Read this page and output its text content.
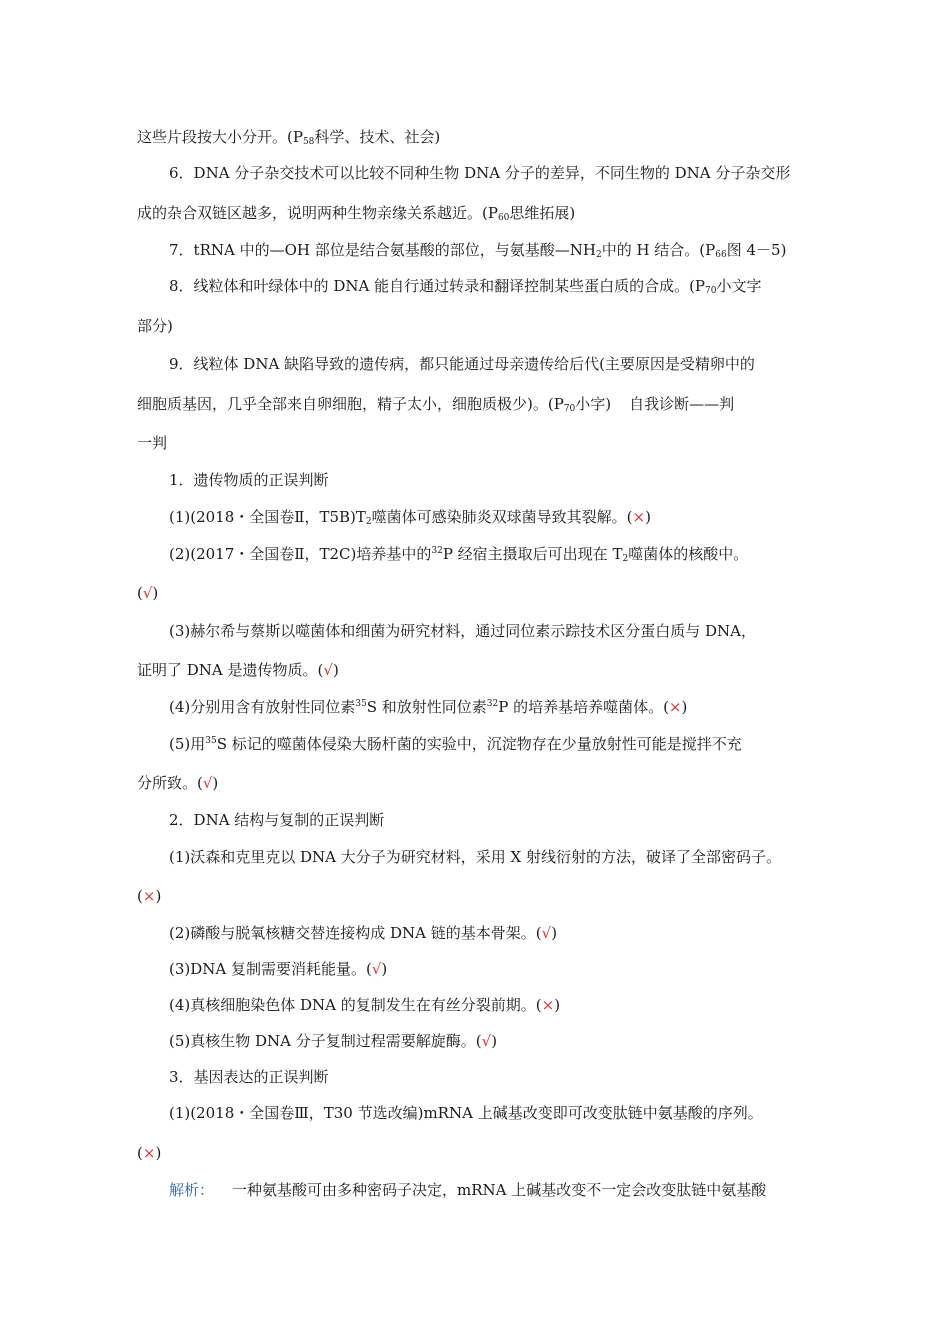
这些片段按大小分开。($P_{58}$科学、技术、社会)
6．DNA 分子杂交技术可以比较不同种生物 DNA 分子的差异，不同生物的 DNA 分子杂交形
成的杂合双链区越多，说明两种生物亲缘关系越近。($P_{60}$思维拓展)
7．tRNA 中的—OH 部位是结合氨基酸的部位，与氨基酸$—NH_2$中的 H 结合。($P_{66}$图 4－5)
8．线粒体和叶绿体中的 DNA 能自行通过转录和翻译控制某些蛋白质的合成。($P_{70}$小文字
部分)
9．线粒体 DNA 缺陷导致的遗传病，都只能通过母亲遗传给后代(主要原因是受精卵中的
细胞质基因，几乎全部来自卵细胞，精子太小，细胞质极少)。($P_{70}$小字) 自我诊断——判
一判
1．遗传物质的正误判断
(1)(2018・全国卷Ⅱ，$T5B)T_2$噬菌体可感染肺炎双球菌导致其裂解。(×)
(2)(2017・全国卷Ⅱ，T2C)培养基中的$^{32}$P 经宿主摄取后可出现在 $T_2$噬菌体的核酸中。
(√)
(3)赫尔希与蔡斯以噬菌体和细菌为研究材料，通过同位素示踪技术区分蛋白质与 DNA，
证明了 DNA 是遗传物质。(√)
(4)分别用含有放射性同位素$^{35}$S 和放射性同位素$^{32}$P 的培养基培养噬菌体。(×)
(5)用$^{35}$S 标记的噬菌体侵染大肠杆菌的实验中，沉淀物存在少量放射性可能是搅拌不充
分所致。(√)
2．DNA 结构与复制的正误判断
(1)沃森和克里克以 DNA 大分子为研究材料，采用 X 射线衍射的方法，破译了全部密码子。
(×)
(2)磷酸与脱氧核糖交替连接构成 DNA 链的基本骨架。(√)
(3)DNA 复制需要消耗能量。(√)
(4)真核细胞染色体 DNA 的复制发生在有丝分裂前期。(×)
(5)真核生物 DNA 分子复制过程需要解旋酶。(√)
3．基因表达的正误判断
(1)(2018・全国卷Ⅲ，T30 节选改编)mRNA 上碱基改变即可改变肽链中氨基酸的序列。
(×)
解析： 一种氨基酸可由多种密码子决定，mRNA 上碱基改变不一定会改变肽链中氨基酸
